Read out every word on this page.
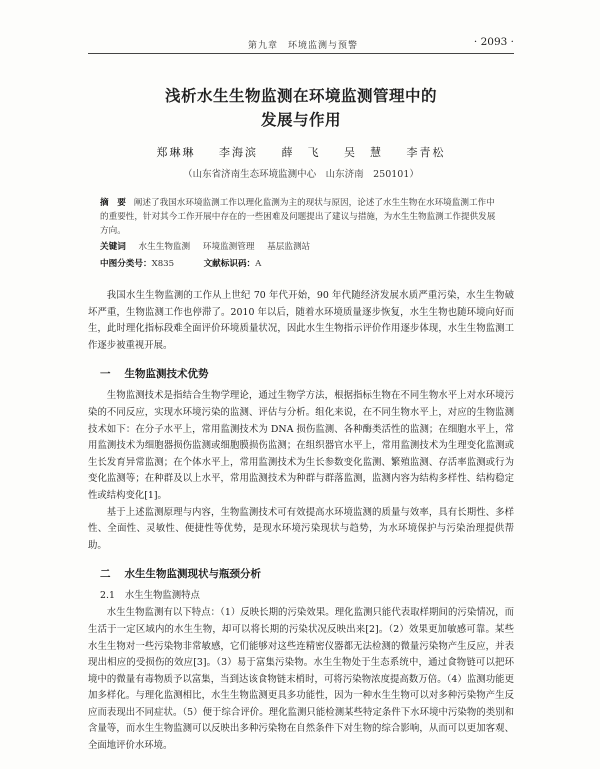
第九章　环境监测与预警	· 2093 ·
浅析水生生物监测在环境监测管理中的
发展与作用
郑琳琳 李海滨 薛　飞 吴　慧 李青松
（山东省济南生态环境监测中心　山东济南　250101）
摘　要 阐述了我国水环境监测工作以理化监测为主的现状与原因，论述了水生生物在水环境监测工作中的重要性，针对其今工作开展中存在的一些困难及问题提出了建议与措施，为水生生物监测工作提供发展方向。
关键词 水生生物监测 环境监测管理 基层监测站
中图分类号：X835	文献标识码：A

我国水生生物监测的工作从上世纪 70 年代开始，90 年代随经济发展水质严重污染，水生生物破坏严重，生物监测工作也停滞了。2010 年以后，随着水环境质量逐步恢复，水生生物也随环境向好而生，此时理化指标段难全面评价环境质量状况，因此水生生物指示评价作用逐步体现，水生生物监测工作逐步被重视开展。

一 生物监测技术优势

生物监测技术是指结合生物学理论，通过生物学方法，根据指标生物在不同生物水平上对水环境污染的不同反应，实现水环境污染的监测、评估与分析。组化来说，在不同生物水平上，对应的生物监测技术如下：在分子水平上，常用监测技术为 DNA 损伤监测、各种酶类活性的监测；在细胞水平上，常用监测技术为细胞器损伤监测或细胞膜损伤监测；在组织器官水平上，常用监测技术为生理变化监测或生长发育异常监测；在个体水平上，常用监测技术为生长参数变化监测、繁殖监测、存活率监测或行为变化监测等；在种群及以上水平，常用监测技术为种群与群落监测，监测内容为结构多样性、结构稳定性或结构变化[1]。

基于上述监测原理与内容，生物监测技术可有效提高水环境监测的质量与效率，具有长期性、多样性、全面性、灵敏性、便捷性等优势，是现水环境污染现状与趋势，为水环境保护与污染治理提供帮助。

二 水生生物监测现状与瓶颈分析
2.1 水生生物监测特点

水生生物监测有以下特点：（1）反映长期的污染效果。理化监测只能代表取样期间的污染情况，而生活于一定区域内的水生生物，却可以将长期的污染状况反映出来[2]。（2）效果更加敏感可靠。某些水生生物对一些污染物非常敏感，它们能够对这些连精密仪器都无法检测的微量污染物产生反应，并表现出相应的受损伤的效应[3]。（3）易于富集污染物。水生生物处于生态系统中，通过食物链可以把环境中的微量有毒物质予以富集，当到达该食物链末梢时，可将污染物浓度提高数万倍。（4）监测功能更加多样化。与理化监测相比，水生生物监测更具多功能性，因为一种水生生物可以对多种污染物产生反应而表现出不同症状。（5）便于综合评价。理化监测只能检测某些特定条件下水环境中污染物的类别和含量等，而水生生物监测可以反映出多种污染物在自然条件下对生物的综合影响，从而可以更加客观、全面地评价水环境。
